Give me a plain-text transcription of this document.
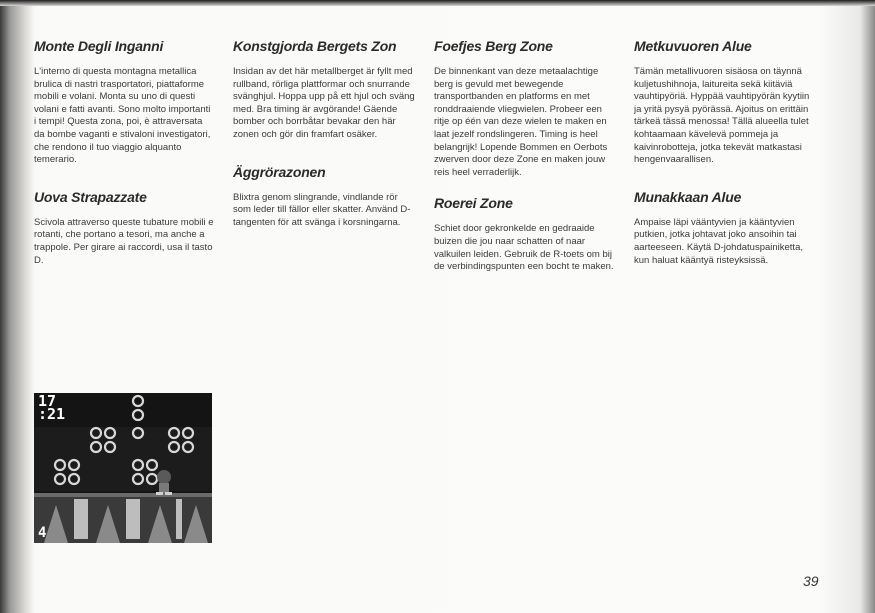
Monte Degli Inganni

L'interno di questa montagna metallica brulica di nastri trasportatori, piattaforme mobili e volani. Monta su uno di questi volani e fatti avanti. Sono molto importanti i tempi! Questa zona, poi, è attraversata da bombe vaganti e stivaloni investigatori, che rendono il tuo viaggio alquanto temerario.

Uova Strapazzate

Scivola attraverso queste tubature mobili e rotanti, che portano a tesori, ma anche a trappole. Per girare ai raccordi, usa il tasto D.

Konstgjorda Bergets Zon

Insidan av det här metallberget är fyllt med rullband, rörliga plattformar och snurrande svänghjul. Hoppa upp på ett hjul och sväng med. Bra timing är avgörande! Gäende bomber och borrbåtar bevakar den här zonen och gör din framfart osäker.

Äggrörazonen

Blixtra genom slingrande, vindlande rör som leder till fällor eller skatter. Använd D-tangenten för att svänga i korsningarna.

Foefjes Berg Zone

De binnenkant van deze metaalachtige berg is gevuld met bewegende transportbanden en platforms en met ronddraaiende vliegwielen. Probeer een ritje op één van deze wielen te maken en laat jezelf rondslingeren. Timing is heel belangrijk! Lopende Bommen en Oerbots zwerven door deze Zone en maken jouw reis heel verraderlijk.

Roerei Zone

Schiet door gekronkelde en gedraaide buizen die jou naar schatten of naar valkuilen leiden. Gebruik de R-toets om bij de verbindingspunten een bocht te maken.

Metkuvuoren Alue

Tämän metallivuoren sisäosa on täynnä kuljetushihnoja, laitureita sekä kiitäviä vauhtipyöriä. Hyppää vauhtipyörän kyytiin ja yritä pysyä pyörässä. Ajoitus on erittäin tärkeä tässä menossa! Tällä alueella tulet kohtaamaan kävelevä pommeja ja kaivinrobotteja, jotka tekevät matkastasi hengenvaarallisen.

Munakkaan Alue

Ampaise läpi vääntyvien ja kääntyvien putkien, jotka johtavat joko ansoihin tai aarteeseen. Käytä D-johdatuspainiketta, kun haluat kääntyä risteyksissä.

17
:21
4
39
